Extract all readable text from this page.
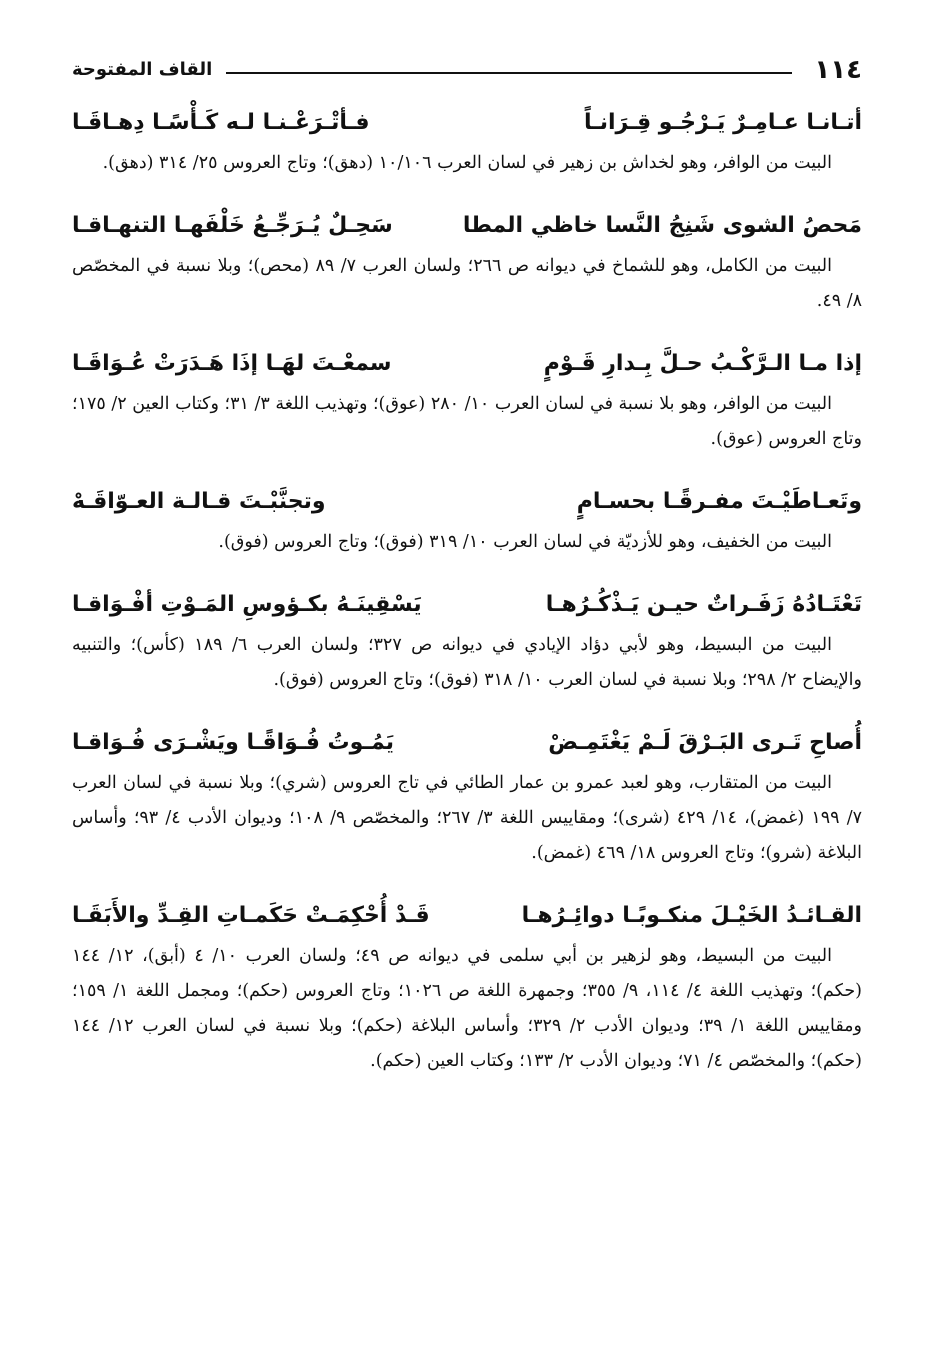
١١٤
القاف المفتوحة
أتـانـا عـامِـرٌ يَـرْجُـو قِـرَانـاً
فـأتْـرَعْـنـا لـه كَـأْسًـا دِهـاقَـا

البيت من الوافر، وهو لخداش بن زهير في لسان العرب ١٠/١٠٦ (دهق)؛ وتاج العروس ٢٥/ ٣١٤ (دهق).

مَحصُ الشوى شَنِجُ النَّسا خاظي المطا
سَحِـلٌ يُـرَجِّـعُ خَلْفَهـا التنهـاقـا

البيت من الكامل، وهو للشماخ في ديوانه ص ٢٦٦؛ ولسان العرب ٧/ ٨٩ (محص)؛ وبلا نسبة في المخصّص ٨/ ٤٩.

إذا مـا الـرَّكْـبُ حـلَّ بِـدارِ قَـوْمٍ
سمعْـتَ لهَـا إذَا هَـدَرَتْ عُـوَاقَـا

البيت من الوافر، وهو بلا نسبة في لسان العرب ١٠/ ٢٨٠ (عوق)؛ وتهذيب اللغة ٣/ ٣١؛ وكتاب العين ٢/ ١٧٥؛ وتاج العروس (عوق).

وتَعـاطَيْـتَ مفـرقًـا بحسـامٍ
وتجنَّبْـتَ قـالـة العـوّاقَـهْ

البيت من الخفيف، وهو للأزديّة في لسان العرب ١٠/ ٣١٩ (فوق)؛ وتاج العروس (فوق).

تَعْتَـادُهُ زَفَـراتٌ حيـن يَـذْكُـرُهـا
يَسْقِينَـهُ بكـؤوسِ المَـوْتِ أفْـوَاقـا

البيت من البسيط، وهو لأبي دؤاد الإيادي في ديوانه ص ٣٢٧؛ ولسان العرب ٦/ ١٨٩ (كأس)؛ والتنبيه والإيضاح ٢/ ٢٩٨؛ وبلا نسبة في لسان العرب ١٠/ ٣١٨ (فوق)؛ وتاج العروس (فوق).

أُصاحِ تَـرى البَـرْقَ لَـمْ يَغْتَمِـضْ
يَمُـوتُ فُـوَاقًـا ويَشْـرَى فُـوَاقـا

البيت من المتقارب، وهو لعبد عمرو بن عمار الطائي في تاج العروس (شري)؛ وبلا نسبة في لسان العرب ٧/ ١٩٩ (غمض)، ١٤/ ٤٢٩ (شرى)؛ ومقاييس اللغة ٣/ ٢٦٧؛ والمخصّص ٩/ ١٠٨؛ وديوان الأدب ٤/ ٩٣؛ وأساس البلاغة (شرو)؛ وتاج العروس ١٨/ ٤٦٩ (غمض).

القـائـدُ الخَيْـلَ منكـوبًـا دوائِـرُهـا
قَـدْ أُحْكِمَـتْ حَكَمـاتِ القِـدِّ والأَبَقَـا

البيت من البسيط، وهو لزهير بن أبي سلمى في ديوانه ص ٤٩؛ ولسان العرب ١٠/ ٤ (أبق)، ١٢/ ١٤٤ (حكم)؛ وتهذيب اللغة ٤/ ١١٤، ٩/ ٣٥٥؛ وجمهرة اللغة ص ١٠٢٦؛ وتاج العروس (حكم)؛ ومجمل اللغة ١/ ١٥٩؛ ومقاييس اللغة ١/ ٣٩؛ وديوان الأدب ٢/ ٣٢٩؛ وأساس البلاغة (حكم)؛ وبلا نسبة في لسان العرب ١٢/ ١٤٤ (حكم)؛ والمخصّص ٤/ ٧١؛ وديوان الأدب ٢/ ١٣٣؛ وكتاب العين (حكم).
